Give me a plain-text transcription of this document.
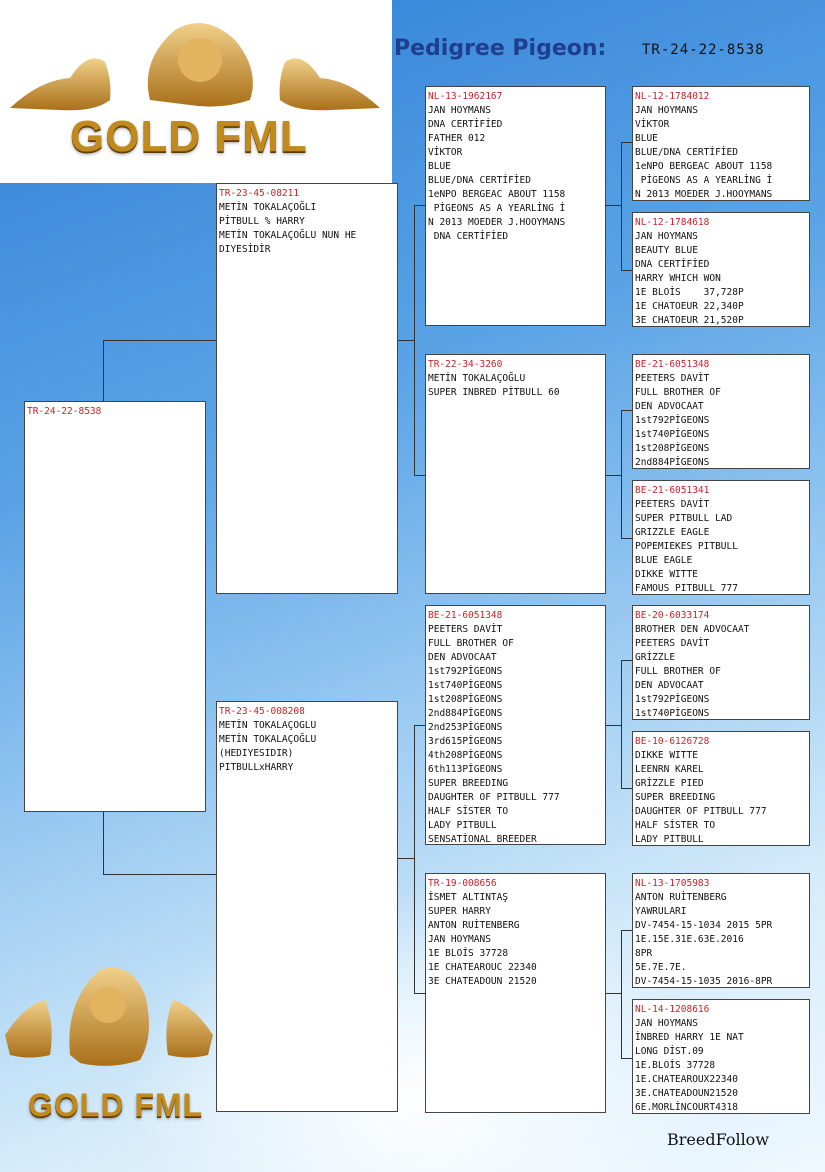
GOLD FML
GOLD FML
Pedigree Pigeon:	TR-24-22-8538
TR-24-22-8538
TR-23-45-08211
METİN TOKALAÇOĞLI
PİTBULL % HARRY
METİN TOKALAÇOĞLU NUN HE
DIYESİDİR
TR-23-45-008208
METİN TOKALAÇOGLU
METİN TOKALAÇOĞLU
(HEDIYESIDIR)
PITBULLxHARRY
NL-13-1962167
JAN HOYMANS
DNA CERTİFİED
FATHER 012
VİKTOR
BLUE
BLUE/DNA CERTİFİED
1eNPO BERGEAC ABOUT 1158
PİGEONS AS A YEARLİNG İ
N 2013 MOEDER J.HOOYMANS
DNA CERTİFİED
TR-22-34-3260
METİN TOKALAÇOĞLU
SUPER INBRED PİTBULL 60
BE-21-6051348
PEETERS DAVİT
FULL BROTHER OF
DEN ADVOCAAT
1st792PİGEONS
1st740PİGEONS
1st208PİGEONS
2nd884PİGEONS
2nd253PİGEONS
3rd615PİGEONS
4th208PİGEONS
6th113PİGEONS
SUPER BREEDING
DAUGHTER OF PITBULL 777
HALF SİSTER TO
LADY PITBULL
SENSATİONAL BREEDER
TR-19-008656
İSMET ALTINTAŞ
SUPER HARRY
ANTON RUİTENBERG
JAN HOYMANS
1E BLOİS 37728
1E CHATEAROUC 22340
3E CHATEADOUN 21520
NL-12-1784012
JAN HOYMANS
VİKTOR
BLUE
BLUE/DNA CERTİFİED
1eNPO BERGEAC ABOUT 1158
PİGEONS AS A YEARLİNG İ
N 2013 MOEDER J.HOOYMANS
NL-12-1784618
JAN HOYMANS
BEAUTY BLUE
DNA CERTİFİED
HARRY WHICH WON
1E BLOİS    37,728P
1E CHATOEUR 22,340P
3E CHATOEUR 21,520P
BE-21-6051348
PEETERS DAVİT
FULL BROTHER OF
DEN ADVOCAAT
1st792PİGEONS
1st740PİGEONS
1st208PİGEONS
2nd884PİGEONS
BE-21-6051341
PEETERS DAVİT
SUPER PITBULL LAD
GRIZZLE EAGLE
POPEMIEKES PITBULL
BLUE EAGLE
DIKKE WITTE
FAMOUS PITBULL 777
BE-20-6033174
BROTHER DEN ADVOCAAT
PEETERS DAVİT
GRİZZLE
FULL BROTHER OF
DEN ADVOCAAT
1st792PİGEONS
1st740PİGEONS
BE-10-6126728
DIKKE WITTE
LEENRN KAREL
GRİZZLE PIED
SUPER BREEDING
DAUGHTER OF PITBULL 777
HALF SİSTER TO
LADY PITBULL
NL-13-1705983
ANTON RUİTENBERG
YAWRULARI
DV-7454-15-1034 2015 5PR
1E.15E.31E.63E.2016
8PR
5E.7E.7E.
DV-7454-15-1035 2016-8PR
NL-14-1208616
JAN HOYMANS
İNBRED HARRY 1E NAT
LONG DİST.09
1E.BLOİS 37728
1E.CHATEAROUX22340
3E.CHATEADOUN21520
6E.MORLİNCOURT4318
BreedFollow
